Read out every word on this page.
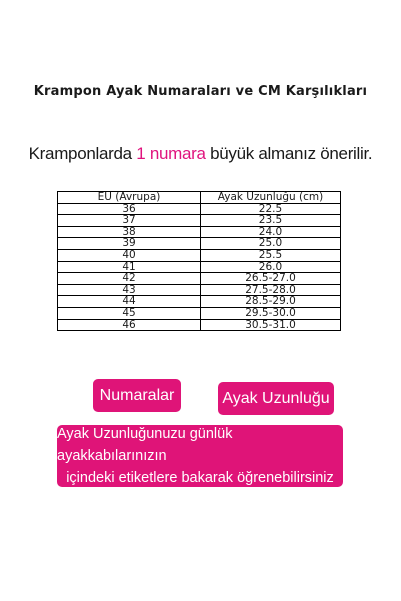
Krampon Ayak Numaraları ve CM Karşılıkları
Kramponlarda 1 numara büyük almanız önerilir.
EU (Avrupa)	Ayak Uzunluğu (cm)
36	22.5
37	23.5
38	24.0
39	25.0
40	25.5
41	26.0
42	26.5-27.0
43	27.5-28.0
44	28.5-29.0
45	29.5-30.0
46	30.5-31.0
Numaralar	Ayak Uzunluğu
Ayak Uzunluğunuzu günlük ayakkabılarınızın
içindeki etiketlere bakarak öğrenebilirsiniz
